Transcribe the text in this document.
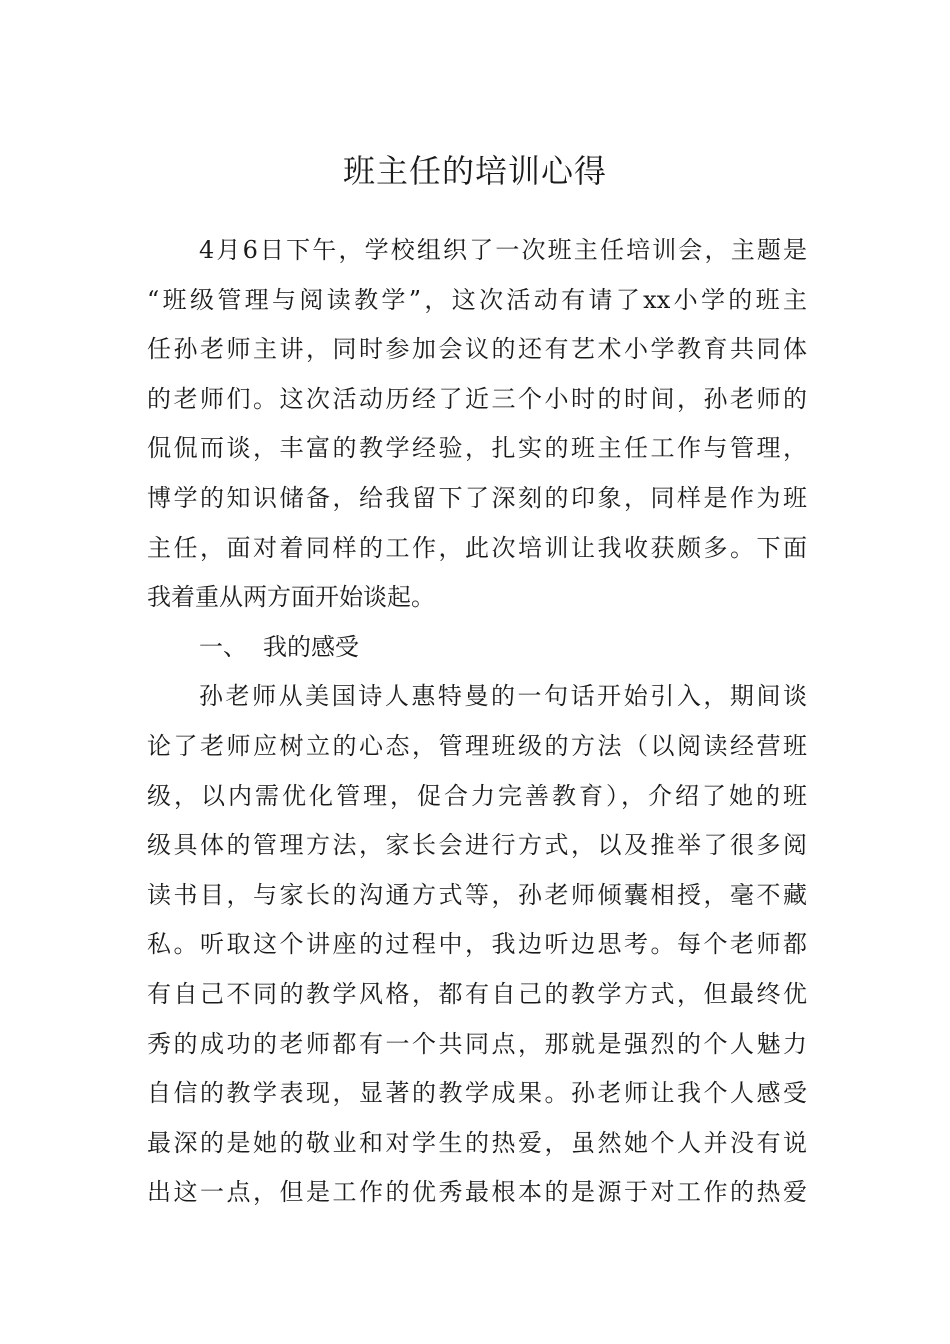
班主任的培训心得
4月6日下午，学校组织了一次班主任培训会，主题是
“班级管理与阅读教学”，这次活动有请了xx小学的班主
任孙老师主讲，同时参加会议的还有艺术小学教育共同体
的老师们。这次活动历经了近三个小时的时间，孙老师的
侃侃而谈，丰富的教学经验，扎实的班主任工作与管理，
博学的知识储备，给我留下了深刻的印象，同样是作为班
主任，面对着同样的工作，此次培训让我收获颇多。下面
我着重从两方面开始谈起。
一、 我的感受
孙老师从美国诗人惠特曼的一句话开始引入，期间谈
论了老师应树立的心态，管理班级的方法（以阅读经营班
级，以内需优化管理，促合力完善教育），介绍了她的班
级具体的管理方法，家长会进行方式，以及推举了很多阅
读书目，与家长的沟通方式等，孙老师倾囊相授，毫不藏
私。听取这个讲座的过程中，我边听边思考。每个老师都
有自己不同的教学风格，都有自己的教学方式，但最终优
秀的成功的老师都有一个共同点，那就是强烈的个人魅力
自信的教学表现，显著的教学成果。孙老师让我个人感受
最深的是她的敬业和对学生的热爱，虽然她个人并没有说
出这一点，但是工作的优秀最根本的是源于对工作的热爱
